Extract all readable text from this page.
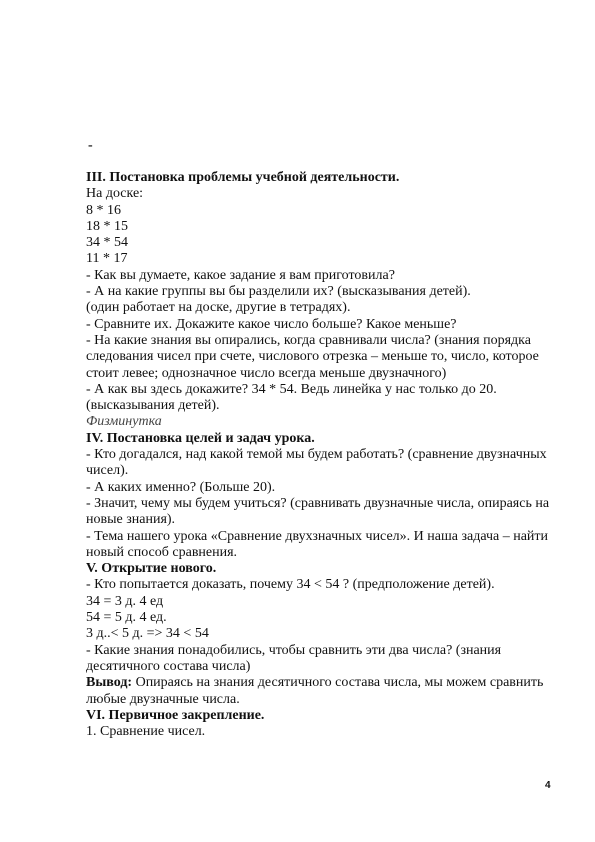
-
III. Постановка проблемы учебной деятельности.
На доске:
8 * 16
18 * 15
34 * 54
11 * 17
- Как вы думаете, какое задание я вам приготовила?
- А на какие группы вы бы разделили их? (высказывания детей).
(один работает на доске, другие в тетрадях).
- Сравните их. Докажите какое число больше? Какое меньше?
- На какие знания вы опирались, когда сравнивали числа? (знания порядка
следования чисел при счете, числового отрезка – меньше то, число, которое
стоит левее; однозначное число всегда меньше двузначного)
- А как вы здесь докажите? 34 * 54. Ведь линейка у нас только до 20.
(высказывания детей).
Физминутка
IV. Постановка целей и задач урока.
- Кто догадался, над какой темой мы будем работать? (сравнение двузначных
чисел).
- А каких именно? (Больше 20).
- Значит, чему мы будем учиться? (сравнивать двузначные числа, опираясь на
новые знания).
- Тема нашего урока «Сравнение двухзначных чисел». И наша задача – найти
новый способ сравнения.
V. Открытие нового.
- Кто попытается доказать, почему 34 < 54 ? (предположение детей).
34 = 3 д. 4 ед
54 = 5 д. 4 ед.
3 д..< 5 д. => 34 < 54
- Какие знания понадобились, чтобы сравнить эти два числа? (знания
десятичного состава числа)
Вывод: Опираясь на знания десятичного состава числа, мы можем сравнить
любые двузначные числа.
VI. Первичное закрепление.
1. Сравнение чисел.
4
